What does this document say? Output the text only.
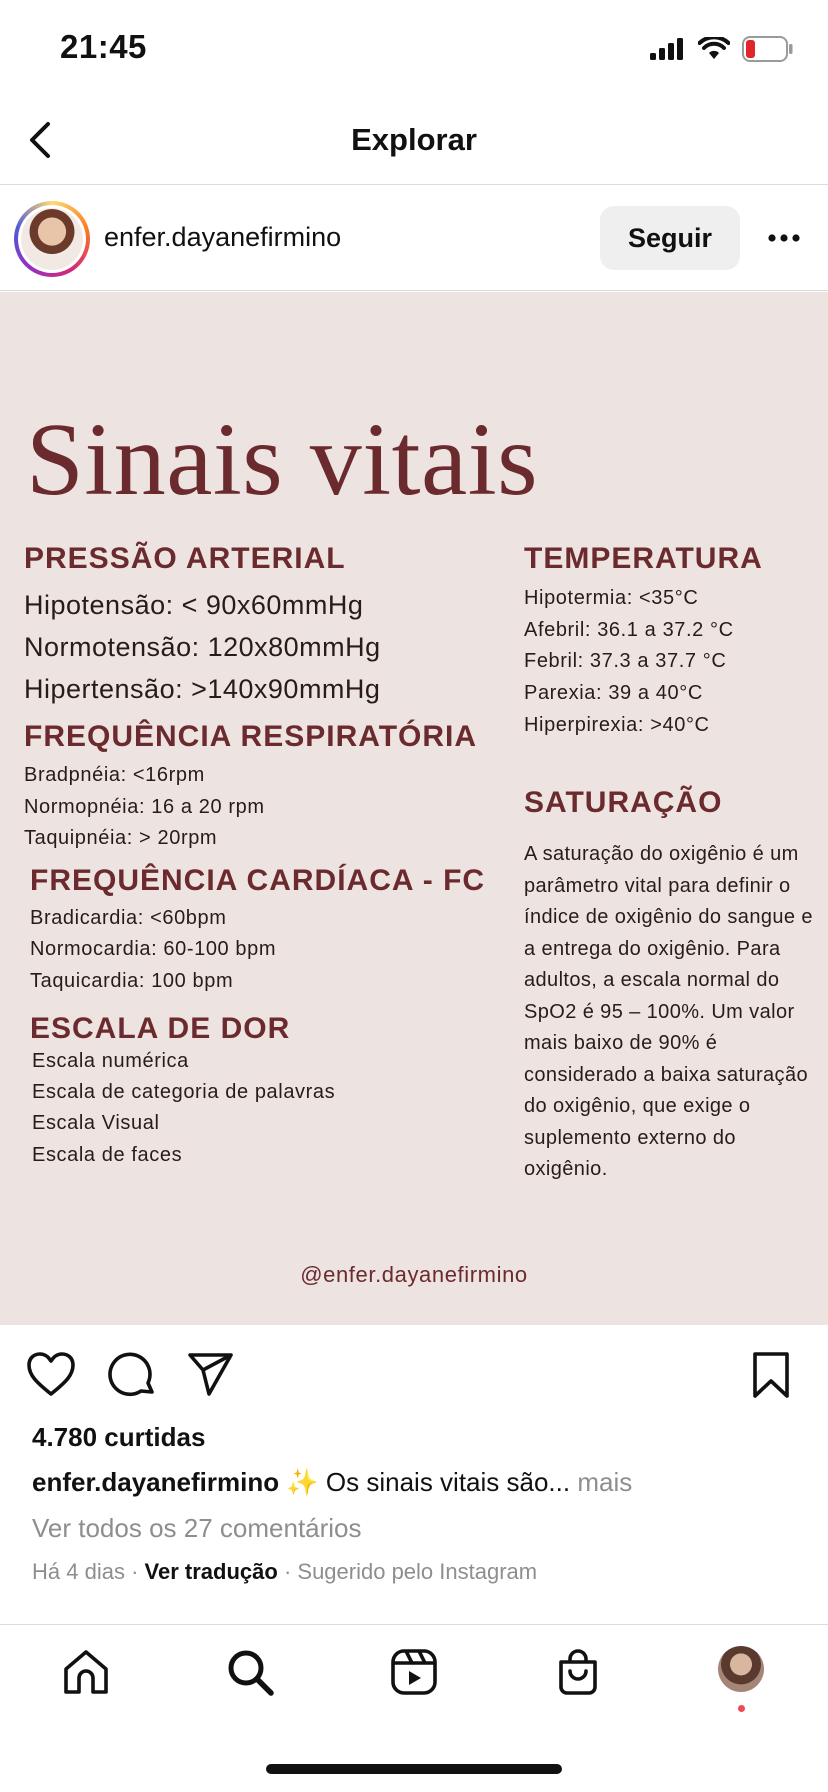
21:45
Explorar
enfer.dayanefirmino	Seguir
Sinais vitais
PRESSÃO ARTERIAL
Hipotensão: < 90x60mmHg
Normotensão: 120x80mmHg
Hipertensão: >140x90mmHg
FREQUÊNCIA RESPIRATÓRIA
Bradpnéia: <16rpm
Normopnéia: 16 a 20 rpm
Taquipnéia: > 20rpm
FREQUÊNCIA CARDÍACA - FC
Bradicardia: <60bpm
Normocardia: 60-100 bpm
Taquicardia: 100 bpm
ESCALA DE DOR
Escala numérica
Escala de categoria de palavras
Escala Visual
Escala de faces
TEMPERATURA
Hipotermia: <35°C
Afebril: 36.1 a 37.2 °C
Febril: 37.3 a 37.7 °C
Parexia: 39 a 40°C
Hiperpirexia: >40°C
SATURAÇÃO
A saturação do oxigênio é um parâmetro vital para definir o índice de oxigênio do sangue e a entrega do oxigênio. Para adultos, a escala normal do SpO2 é 95 – 100%. Um valor mais baixo de 90% é considerado a baixa saturação do oxigênio, que exige o suplemento externo do oxigênio.
@enfer.dayanefirmino
4.780 curtidas
enfer.dayanefirmino ✨ Os sinais vitais são... mais
Ver todos os 27 comentários
Há 4 dias · Ver tradução · Sugerido pelo Instagram
